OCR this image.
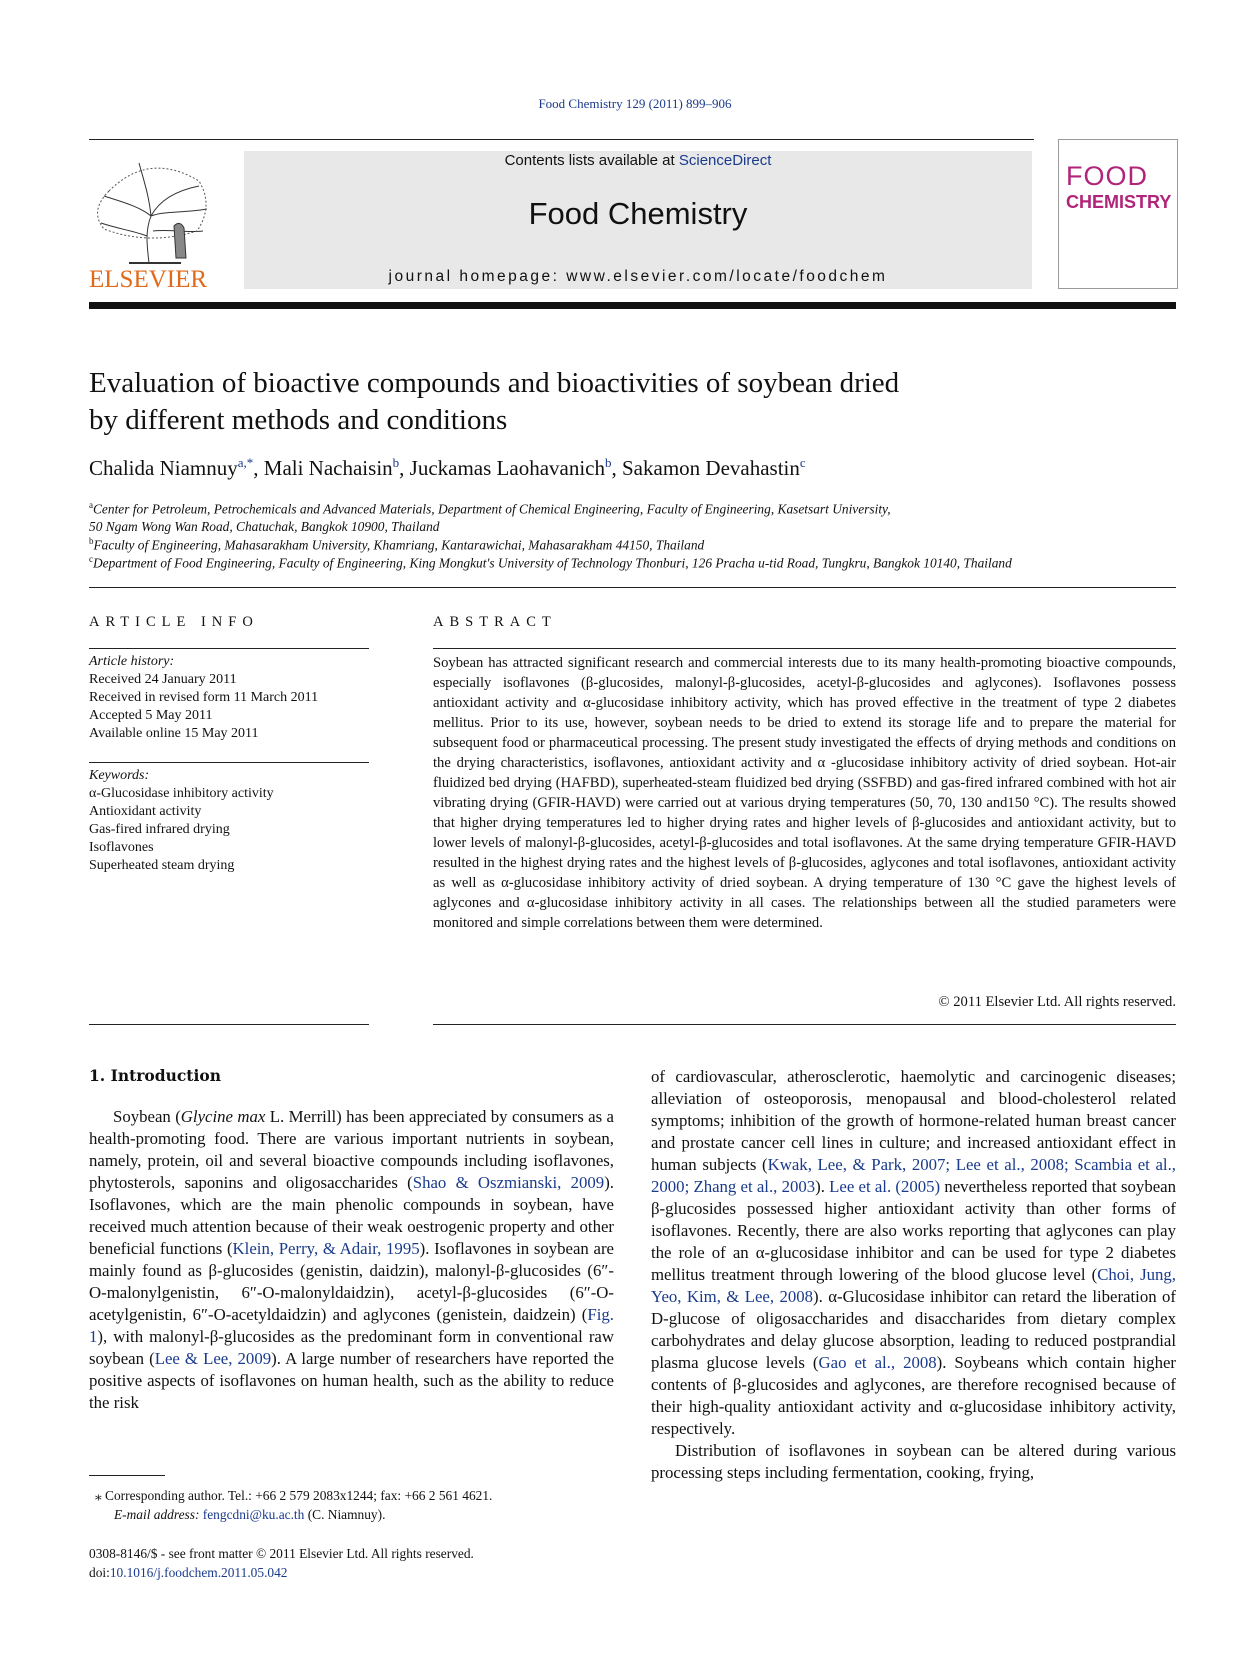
Food Chemistry 129 (2011) 899–906
ELSEVIER
Contents lists available at ScienceDirect
Food Chemistry
journal homepage: www.elsevier.com/locate/foodchem
FOOD
CHEMISTRY
Evaluation of bioactive compounds and bioactivities of soybean dried
by different methods and conditions
Chalida Niamnuy$^{a,*}$, Mali Nachaisin$^b$, Juckamas Laohavanich$^b$, Sakamon Devahastin$^c$
$^a$Center for Petroleum, Petrochemicals and Advanced Materials, Department of Chemical Engineering, Faculty of Engineering, Kasetsart University,
50 Ngam Wong Wan Road, Chatuchak, Bangkok 10900, Thailand
$^b$Faculty of Engineering, Mahasarakham University, Khamriang, Kantarawichai, Mahasarakham 44150, Thailand
$^c$Department of Food Engineering, Faculty of Engineering, King Mongkut's University of Technology Thonburi, 126 Pracha u-tid Road, Tungkru, Bangkok 10140, Thailand
ARTICLE INFO	ABSTRACT
Article history:
Received 24 January 2011
Received in revised form 11 March 2011
Accepted 5 May 2011
Available online 15 May 2011
Keywords:
α-Glucosidase inhibitory activity
Antioxidant activity
Gas-fired infrared drying
Isoflavones
Superheated steam drying
Soybean has attracted significant research and commercial interests due to its many health-promoting bioactive compounds, especially isoflavones (β-glucosides, malonyl-β-glucosides, acetyl-β-glucosides and aglycones). Isoflavones possess antioxidant activity and α-glucosidase inhibitory activity, which has proved effective in the treatment of type 2 diabetes mellitus. Prior to its use, however, soybean needs to be dried to extend its storage life and to prepare the material for subsequent food or pharmaceutical processing. The present study investigated the effects of drying methods and conditions on the drying characteristics, isoflavones, antioxidant activity and α -glucosidase inhibitory activity of dried soybean. Hot-air fluidized bed drying (HAFBD), superheated-steam fluidized bed drying (SSFBD) and gas-fired infrared combined with hot air vibrating drying (GFIR-HAVD) were carried out at various drying temperatures (50, 70, 130 and150 °C). The results showed that higher drying temperatures led to higher drying rates and higher levels of β-glucosides and antioxidant activity, but to lower levels of malonyl-β-glucosides, acetyl-β-glucosides and total isoflavones. At the same drying temperature GFIR-HAVD resulted in the highest drying rates and the highest levels of β-glucosides, aglycones and total isoflavones, antioxidant activity as well as α-glucosidase inhibitory activity of dried soybean. A drying temperature of 130 °C gave the highest levels of aglycones and α-glucosidase inhibitory activity in all cases. The relationships between all the studied parameters were monitored and simple correlations between them were determined.
© 2011 Elsevier Ltd. All rights reserved.
1. Introduction

Soybean (Glycine max L. Merrill) has been appreciated by consumers as a health-promoting food. There are various important nutrients in soybean, namely, protein, oil and several bioactive compounds including isoflavones, phytosterols, saponins and oligosaccharides (Shao & Oszmianski, 2009). Isoflavones, which are the main phenolic compounds in soybean, have received much attention because of their weak oestrogenic property and other beneficial functions (Klein, Perry, & Adair, 1995). Isoflavones in soybean are mainly found as β-glucosides (genistin, daidzin), malonyl-β-glucosides (6″-O-malonylgenistin, 6″-O-malonyldaidzin), acetyl-β-glucosides (6″-O-acetylgenistin, 6″-O-acetyldaidzin) and aglycones (genistein, daidzein) (Fig. 1), with malonyl-β-glucosides as the predominant form in conventional raw soybean (Lee & Lee, 2009). A large number of researchers have reported the positive aspects of isoflavones on human health, such as the ability to reduce the risk

of cardiovascular, atherosclerotic, haemolytic and carcinogenic diseases; alleviation of osteoporosis, menopausal and blood-cholesterol related symptoms; inhibition of the growth of hormone-related human breast cancer and prostate cancer cell lines in culture; and increased antioxidant effect in human subjects (Kwak, Lee, & Park, 2007; Lee et al., 2008; Scambia et al., 2000; Zhang et al., 2003). Lee et al. (2005) nevertheless reported that soybean β-glucosides possessed higher antioxidant activity than other forms of isoflavones. Recently, there are also works reporting that aglycones can play the role of an α-glucosidase inhibitor and can be used for type 2 diabetes mellitus treatment through lowering of the blood glucose level (Choi, Jung, Yeo, Kim, & Lee, 2008). α-Glucosidase inhibitor can retard the liberation of D-glucose of oligosaccharides and disaccharides from dietary complex carbohydrates and delay glucose absorption, leading to reduced postprandial plasma glucose levels (Gao et al., 2008). Soybeans which contain higher contents of β-glucosides and aglycones, are therefore recognised because of their high-quality antioxidant activity and α-glucosidase inhibitory activity, respectively.

Distribution of isoflavones in soybean can be altered during various processing steps including fermentation, cooking, frying,

⁎ Corresponding author. Tel.: +66 2 579 2083x1244; fax: +66 2 561 4621.
E-mail address: fengcdni@ku.ac.th (C. Niamnuy).
0308-8146/$ - see front matter © 2011 Elsevier Ltd. All rights reserved.
doi:10.1016/j.foodchem.2011.05.042
